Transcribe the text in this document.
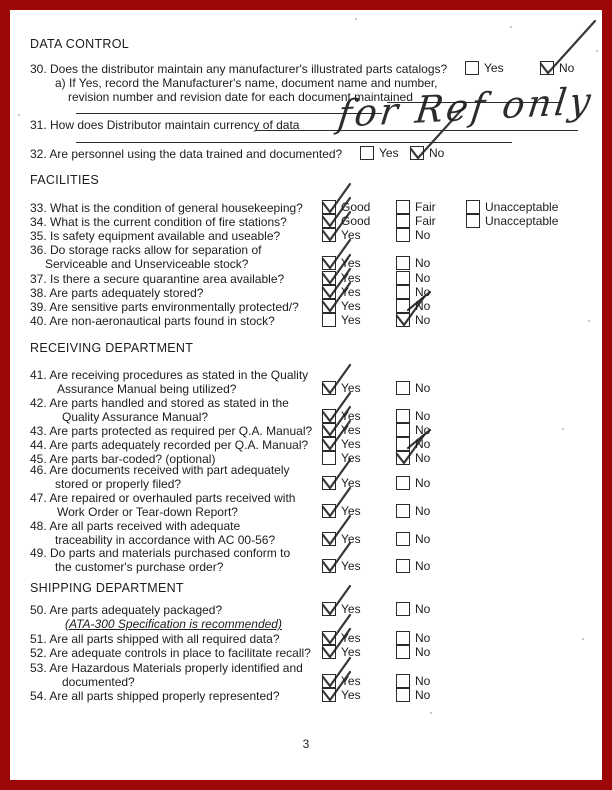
for Ref only
3
DATA CONTROL
30. Does the distributor maintain any manufacturer's illustrated parts catalogs?	Yes	No
a) If Yes, record the Manufacturer's name, document name and number,
revision number and revision date for each document maintained
31. How does Distributor maintain currency of data
32. Are personnel using the data trained and documented?	Yes	No
FACILITIES
33. What is the condition of general housekeeping?	Good	Fair	Unacceptable
34. What is the current condition of fire stations?	Good	Fair	Unacceptable
35. Is safety equipment available and useable?	Yes	No
36. Do storage racks allow for separation of
Serviceable and Unserviceable stock?	Yes	No
37. Is there a secure quarantine area available?	Yes	No
38. Are parts adequately stored?	Yes	No
39. Are sensitive parts environmentally protected/?	Yes	No
40. Are non-aeronautical parts found in stock?	Yes	No
RECEIVING DEPARTMENT
41. Are receiving procedures as stated in the Quality
Assurance Manual being utilized?	Yes	No
42. Are parts handled and stored as stated in the
Quality Assurance Manual?	Yes	No
43. Are parts protected as required per Q.A. Manual? Yes	No
44. Are parts adequately recorded per Q.A. Manual?	Yes	No
45. Are parts bar-coded? (optional)	Yes	No
46. Are documents received with part adequately
stored or properly filed?	Yes	No
47. Are repaired or overhauled parts received with
Work Order or Tear-down Report?	Yes	No
48. Are all parts received with adequate
traceability in accordance with AC 00-56?	Yes	No
49. Do parts and materials purchased conform to
the customer's purchase order?	Yes	No
SHIPPING DEPARTMENT
50. Are parts adequately packaged?	Yes	No
(ATA-300 Specification is recommended)
51. Are all parts shipped with all required data?	Yes	No
52. Are adequate controls in place to facilitate recall?	Yes	No
53. Are Hazardous Materials properly identified and
documented?	Yes	No
54. Are all parts shipped properly represented?	Yes	No
